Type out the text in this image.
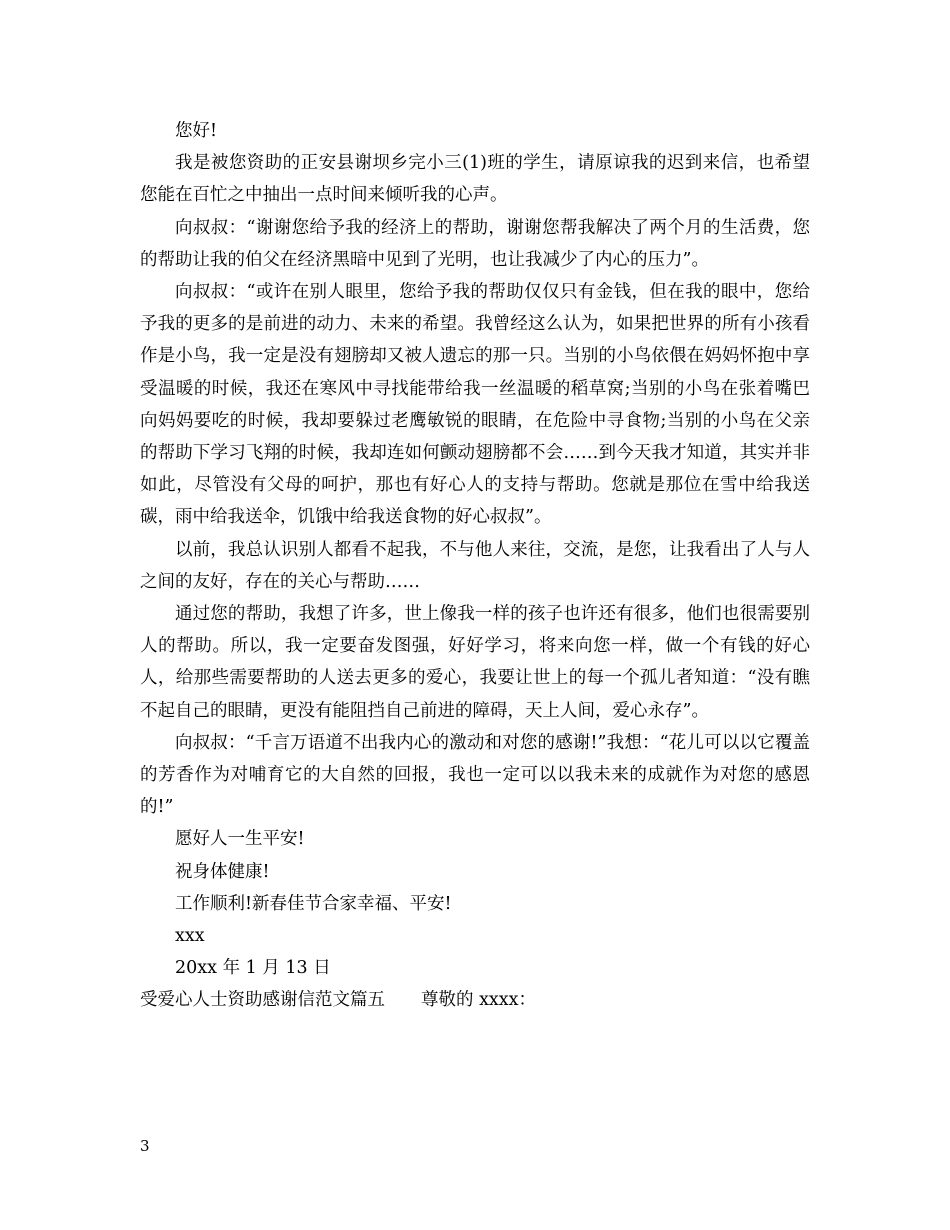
您好!

我是被您资助的正安县谢坝乡完小三(1)班的学生，请原谅我的迟到来信，也希望您能在百忙之中抽出一点时间来倾听我的心声。

向叔叔：“谢谢您给予我的经济上的帮助，谢谢您帮我解决了两个月的生活费，您的帮助让我的伯父在经济黑暗中见到了光明，也让我减少了内心的压力”。

向叔叔：“或许在别人眼里，您给予我的帮助仅仅只有金钱，但在我的眼中，您给予我的更多的是前进的动力、未来的希望。我曾经这么认为，如果把世界的所有小孩看作是小鸟，我一定是没有翅膀却又被人遗忘的那一只。当别的小鸟依偎在妈妈怀抱中享受温暖的时候，我还在寒风中寻找能带给我一丝温暖的稻草窝;当别的小鸟在张着嘴巴向妈妈要吃的时候，我却要躲过老鹰敏锐的眼睛，在危险中寻食物;当别的小鸟在父亲的帮助下学习飞翔的时候，我却连如何颤动翅膀都不会……到今天我才知道，其实并非如此，尽管没有父母的呵护，那也有好心人的支持与帮助。您就是那位在雪中给我送碳，雨中给我送伞，饥饿中给我送食物的好心叔叔”。

以前，我总认识别人都看不起我，不与他人来往，交流，是您，让我看出了人与人之间的友好，存在的关心与帮助……

通过您的帮助，我想了许多，世上像我一样的孩子也许还有很多，他们也很需要别人的帮助。所以，我一定要奋发图强，好好学习，将来向您一样，做一个有钱的好心人，给那些需要帮助的人送去更多的爱心，我要让世上的每一个孤儿者知道：“没有瞧不起自己的眼睛，更没有能阻挡自己前进的障碍，天上人间，爱心永存”。

向叔叔：“千言万语道不出我内心的激动和对您的感谢!”我想：“花儿可以以它覆盖的芳香作为对哺育它的大自然的回报，我也一定可以以我未来的成就作为对您的感恩的!”

愿好人一生平安!

祝身体健康!

工作顺利!新春佳节合家幸福、平安!

xxx

20xx 年 1 月 13 日

受爱心人士资助感谢信范文篇五 尊敬的 xxxx：

3
